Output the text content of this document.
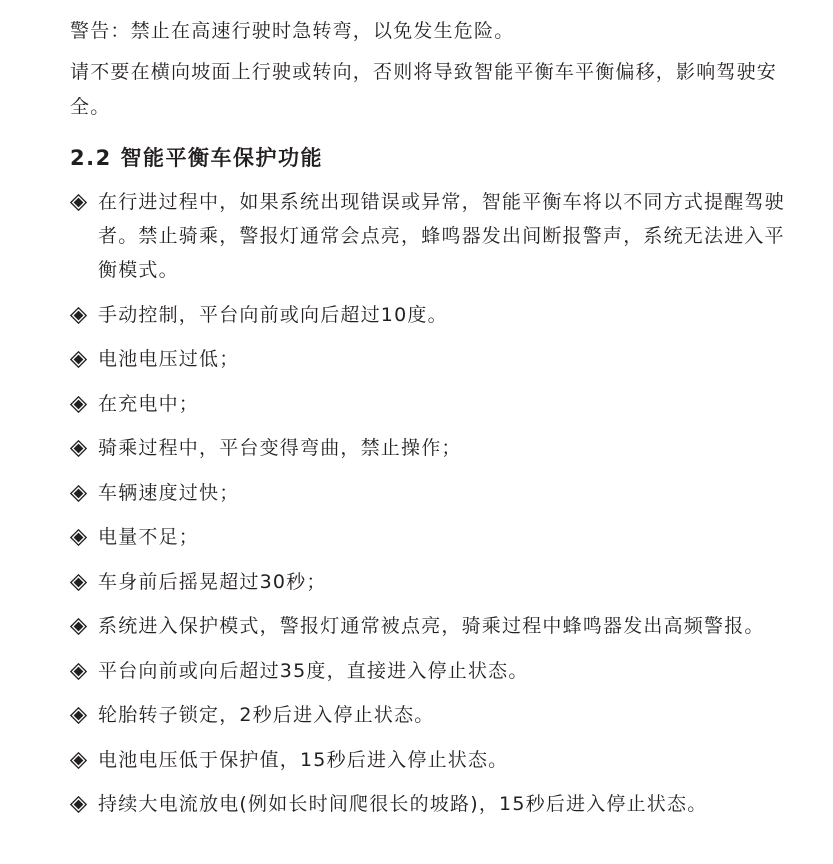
警告：禁止在高速行驶时急转弯，以免发生危险。

请不要在横向坡面上行驶或转向，否则将导致智能平衡车平衡偏移，影响驾驶安全。

2.2 智能平衡车保护功能
在行进过程中，如果系统出现错误或异常，智能平衡车将以不同方式提醒驾驶者。禁止骑乘，警报灯通常会点亮，蜂鸣器发出间断报警声，系统无法进入平衡模式。
手动控制，平台向前或向后超过10度。
电池电压过低；
在充电中；
骑乘过程中，平台变得弯曲，禁止操作；
车辆速度过快；
电量不足；
车身前后摇晃超过30秒；
系统进入保护模式，警报灯通常被点亮，骑乘过程中蜂鸣器发出高频警报。
平台向前或向后超过35度，直接进入停止状态。
轮胎转子锁定，2秒后进入停止状态。
电池电压低于保护值，15秒后进入停止状态。
持续大电流放电(例如长时间爬很长的坡路)，15秒后进入停止状态。
